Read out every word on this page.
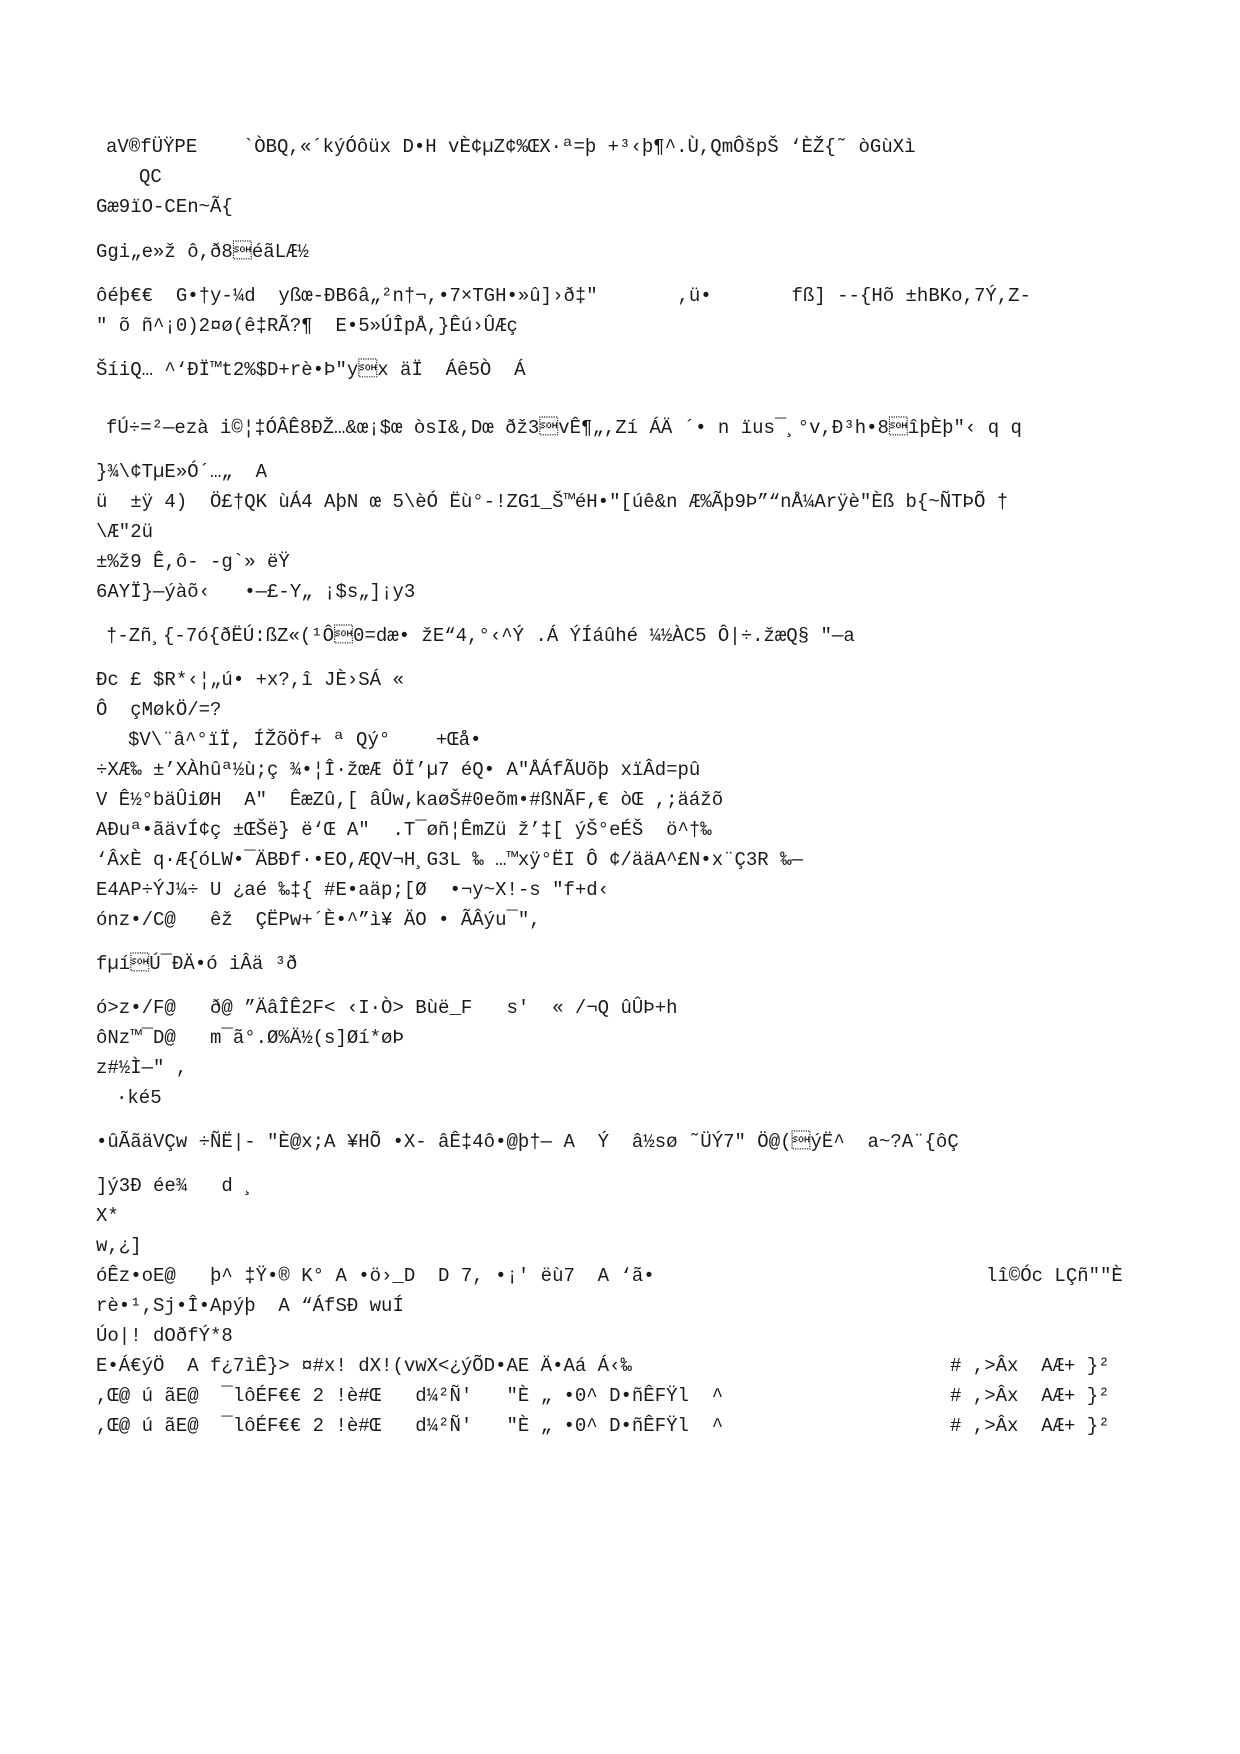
aV®fÜŸPE    `ÒBQ,«´kýÓôüx D•H vÈ¢µZ¢%ŒX·ª=þ +³‹þ¶^.Ù,QmÔšpŠ ‘ÈŽ{˜ òGùXì
QC
Gæ9ïO-CEn~Ã{
Ggi„e»ž ô,ð8éãLÆ½
ôéþ€€  G•†y-¼d  yßœ-ÐB6â„²n†¬,•7×TGH•»û]›ð‡"       ,ü•       fß] --{Hõ ±hBKo,7Ý,Z-
" õ ñ^¡0)2¤ø(ê‡RÃ?¶  E•5»ÚÎpÅ,}Êú›ÛÆç
ŠíiQ… ^‘ÐÏ™t2%$D+rè•Þ"yx äÏ  Áê5Ò  Á
fÚ÷=²—ezà i©¦‡ÓÂÊ8ÐŽ…&œ¡$œ òsI&,Dœ ðž3vÊ¶„,Zí ÁÄ ´• n ïus¯¸°v,Ð³h•8îþÈþ"‹ q q
}¾\¢TµE»Ó´…„  A
ü  ±ÿ 4)  Ö£†QK ùÁ4 AþN œ 5\èÓ Ëù°-!ZG1_Š™éH•"[úê&n Æ%Ãþ9Þ”“nÅ¼Arÿè"Èß b{~ÑTÞÕ †
\Æ"2ü
±%ž9 Ê,ô- -g`» ëŸ
6AYÏ}—ýàõ‹   •—£-Y„ ¡$s„]¡y3
†-Zñ¸{-7ó{ðËÚ:ßZ«(¹Ô0=dæ• žE“4,°‹^Ý .Á ÝÍáûhé ¼½ÀC5 Ô|÷.žæQ§ "—a
Ðc £ $R*‹¦„ú• +x?,î JÈ›SÁ «
Ô  çMøkÖ/=?
$V\¨â^°ïÏ, ÍŽõÖf+ ª Qý°    +Œå•
÷XÆ‰ ±’XÀhûª½ù;ç ¾•¦Î·žœÆ ÖÏ’µ7 éQ• A"ÅÁfÃUõþ xïÂd=pû
V Ê½°bäÛiØH  A"  ÊæZû,[ âÛw,kaøŠ#0eõm•#ßNÃF,€ òŒ ,;äážõ
AÐuª•ãävÍ¢ç ±ŒŠë} ë‘Œ A"  .T¯øñ¦ÊmZü ž’‡[ ýŠ°eÉŠ  ö^†‰
‘ÂxÈ q·Æ{óLW•¯ÄBÐf·•EO,ÆQV¬H¸G3L ‰ …™xÿ°ËI Ô ¢/ääA^£N•x¨Ç3R ‰—
E4AP÷ÝJ¼÷ U ¿aé ‰‡{ #E•aäp;[Ø  •¬y~X!-s "f+d‹
ónz•/C@   êž  ÇËPw+´È•^”ì¥ ÄO • ÃÂýu¯",
fµíÚ¯ÐÄ•ó iÂä ³ð
ó>z•/F@   ð@ ”ÄâÎÊ2F< ‹I·Ò> Bùë_F   s'  « /¬Q ûÛÞ+h
ôNz™¯D@   m¯ã°.Ø%Ä½(s]Øí*øÞ
z#½Ì—" ,
·ké5
•ûÃãäVÇw ÷ÑË|- "È@x;A ¥HÕ •X- âÊ‡4ô•@þ†— A  Ý  â½sø ˜ÜÝ7" Ö@(ýË^  a~?A¨{ôÇ
]ý3Ð ée¾   d ¸
X*
w,¿]
óÊz•oE@   þ^ ‡Ÿ•® K° A •ö›_D  D 7, •¡' ëù7  A ‘ã•	lî©Óc LÇñ""È
rè•¹,Sj•Î•Apýþ  A “ÁfSÐ wuÍ
Úo|! dOðfÝ*8
E•Á€ýÖ  A f¿7ìÊ}> ¤#x! dX!(vwX<¿ýÕD•AE Ä•Aá Á‹‰	# ,>Âx  AÆ+ }²
,Œ@ ú ãE@  ¯lôÉF€€ 2 !è#Œ   d¼²Ñ'   "È „ •0^ D•ñÊFŸl  ^	# ,>Âx  AÆ+ }²
,Œ@ ú ãE@  ¯lôÉF€€ 2 !è#Œ   d¼²Ñ'   "È „ •0^ D•ñÊFŸl  ^	# ,>Âx  AÆ+ }²
